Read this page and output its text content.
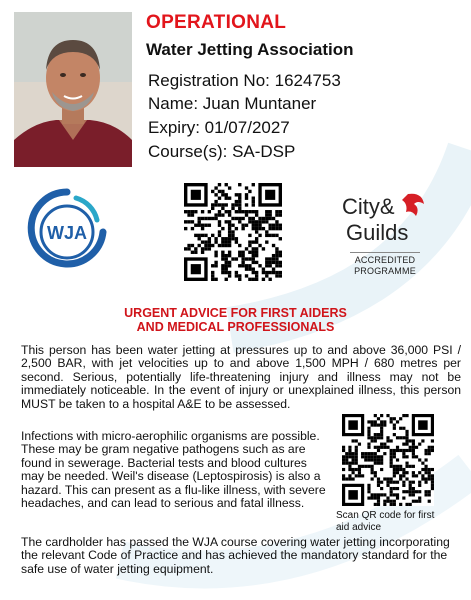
OPERATIONAL
Water Jetting Association
Registration No: 1624753
Name: Juan Muntaner
Expiry: 01/07/2027
Course(s): SA-DSP
WJA
City&
Guilds
ACCREDITED
PROGRAMME
URGENT ADVICE FOR FIRST AIDERS
AND MEDICAL PROFESSIONALS
This person has been water jetting at pressures up to and above 36,000 PSI / 2,500 BAR, with jet velocities up to and above 1,500 MPH / 680 metres per second. Serious, potentially life-threatening injury and illness may not be immediately noticeable. In the event of injury or unexplained illness, this person MUST be taken to a hospital A&E to be assessed.
Infections with micro-aerophilic organisms are possible. These may be gram negative pathogens such as are found in sewerage. Bacterial tests and blood cultures may be needed. Weil's disease (Leptospirosis) is also a hazard. This can present as a flu-like illness, with severe headaches, and can lead to serious and fatal illness.
Scan QR code for first aid advice
The cardholder has passed the WJA course covering water jetting incorporating the relevant Code of Practice and has achieved the mandatory standard for the safe use of water jetting equipment.
